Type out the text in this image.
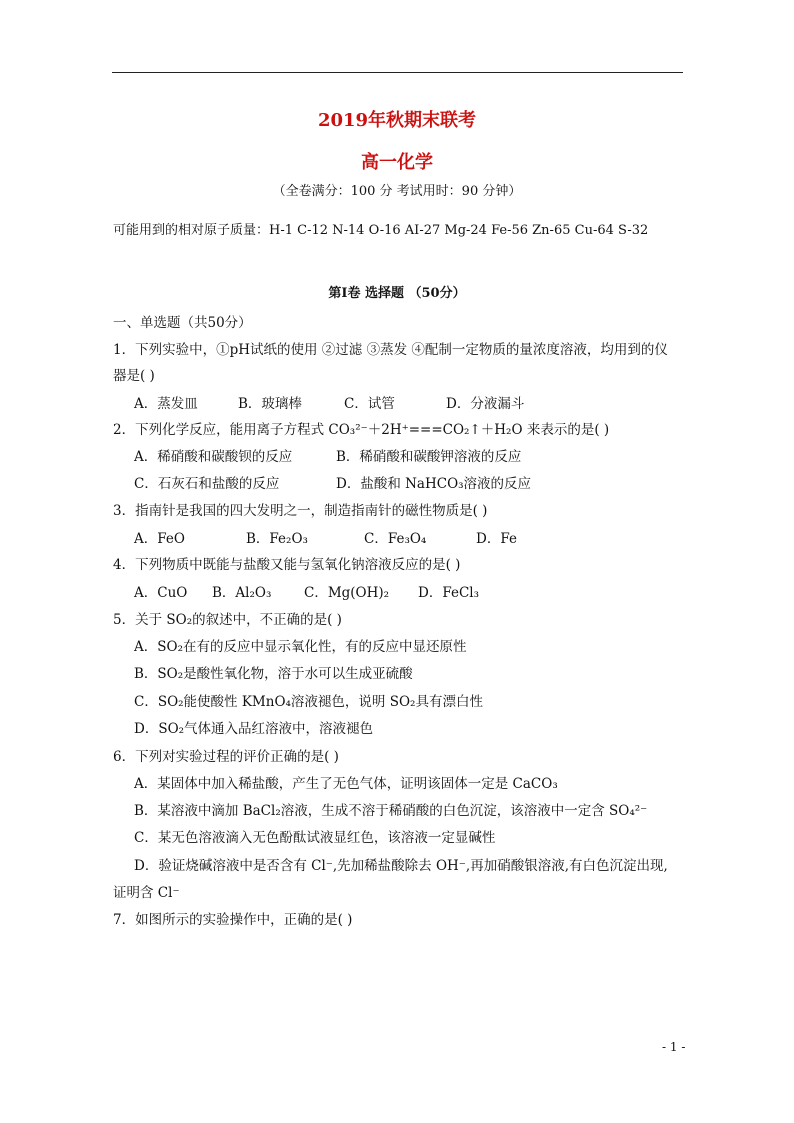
2019年秋期末联考
高一化学
（全卷满分：100 分 考试用时：90 分钟）
可能用到的相对原子质量：H-1 C-12 N-14 O-16 AI-27 Mg-24 Fe-56 Zn-65 Cu-64 S-32
第Ⅰ卷 选择题 （50分）
一、单选题（共50分）
1．下列实验中，①pH试纸的使用 ②过滤 ③蒸发 ④配制一定物质的量浓度溶液，均用到的仪
器是( )
A．蒸发皿	B．玻璃棒	C．试管	D．分液漏斗
2．下列化学反应，能用离子方程式 CO₃²⁻＋2H⁺===CO₂↑＋H₂O 来表示的是( )
A．稀硝酸和碳酸钡的反应	B．稀硝酸和碳酸钾溶液的反应
C．石灰石和盐酸的反应	D．盐酸和 NaHCO₃溶液的反应
3．指南针是我国的四大发明之一，制造指南针的磁性物质是( )
A．FeO	B．Fe₂O₃	C．Fe₃O₄	D．Fe
4．下列物质中既能与盐酸又能与氢氧化钠溶液反应的是( )
A．CuO B．Al₂O₃ C．Mg(OH)₂ D．FeCl₃
5．关于 SO₂的叙述中，不正确的是( )
A．SO₂在有的反应中显示氧化性，有的反应中显还原性
B．SO₂是酸性氧化物，溶于水可以生成亚硫酸
C．SO₂能使酸性 KMnO₄溶液褪色，说明 SO₂具有漂白性
D．SO₂气体通入品红溶液中，溶液褪色
6．下列对实验过程的评价正确的是( )
A．某固体中加入稀盐酸，产生了无色气体，证明该固体一定是 CaCO₃
B．某溶液中滴加 BaCl₂溶液，生成不溶于稀硝酸的白色沉淀，该溶液中一定含 SO₄²⁻
C．某无色溶液滴入无色酚酞试液显红色，该溶液一定显碱性
D．验证烧碱溶液中是否含有 Cl⁻,先加稀盐酸除去 OH⁻,再加硝酸银溶液,有白色沉淀出现,
证明含 Cl⁻
7．如图所示的实验操作中，正确的是( )
- 1 -
